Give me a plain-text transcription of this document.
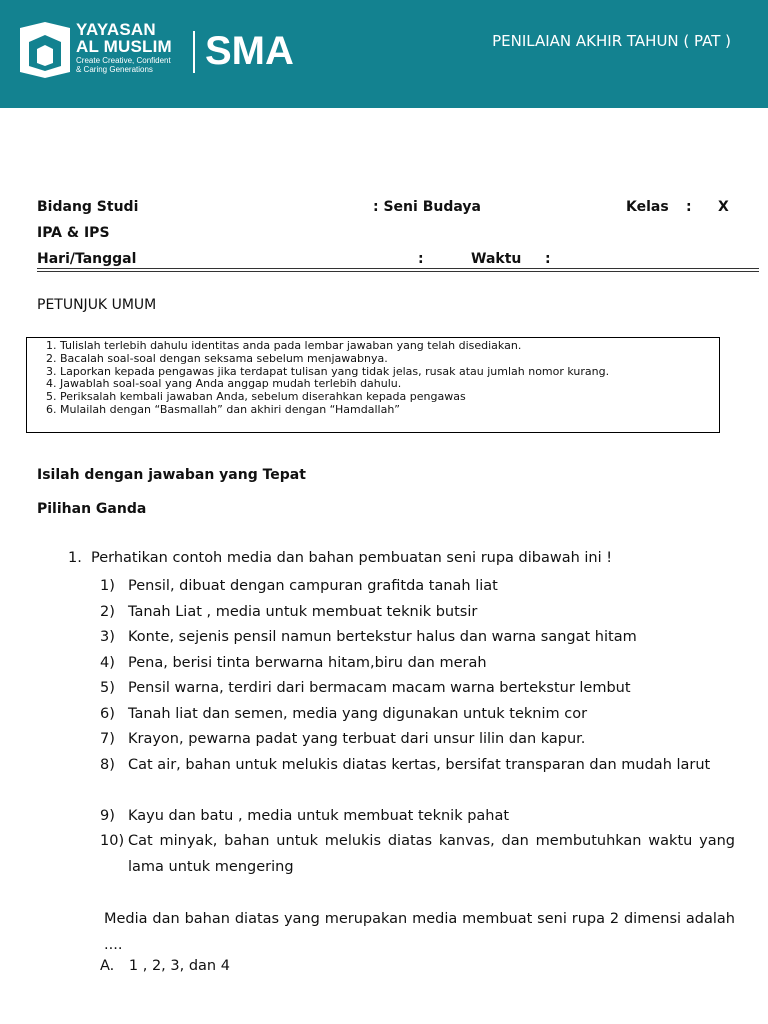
YAYASAN
AL MUSLIM
Create Creative, Confident
& Caring Generations	SMA	PENILAIAN AKHIR TAHUN ( PAT )
Bidang Studi	: Seni Budaya	Kelas : X
IPA & IPS
Hari/Tanggal	:	Waktu :
PETUNJUK UMUM
1. Tulislah terlebih dahulu identitas anda pada lembar jawaban yang telah disediakan.
2. Bacalah soal-soal dengan seksama sebelum menjawabnya.
3. Laporkan kepada pengawas jika terdapat tulisan yang tidak jelas, rusak atau jumlah nomor kurang.
4. Jawablah soal-soal yang Anda anggap mudah terlebih dahulu.
5. Periksalah kembali jawaban Anda, sebelum diserahkan kepada pengawas
6. Mulailah dengan “Basmallah” dan akhiri dengan “Hamdallah”
Isilah dengan jawaban yang Tepat
Pilihan Ganda
1. Perhatikan contoh media dan bahan pembuatan seni rupa dibawah ini !
1) Pensil, dibuat dengan campuran grafitda tanah liat
2) Tanah Liat , media untuk membuat teknik butsir
3) Konte, sejenis pensil namun bertekstur halus dan warna sangat hitam
4) Pena, berisi tinta berwarna hitam,biru dan merah
5) Pensil warna, terdiri dari bermacam macam warna bertekstur lembut
6) Tanah liat dan semen, media yang digunakan untuk teknim cor
7) Krayon, pewarna padat yang terbuat dari unsur lilin dan kapur.
8) Cat air, bahan untuk melukis diatas kertas, bersifat transparan dan mudah larut
9) Kayu dan batu , media untuk membuat teknik pahat
10) Cat minyak, bahan untuk melukis diatas kanvas, dan membutuhkan waktu yang lama untuk mengering
Media dan bahan diatas yang merupakan media membuat seni rupa 2 dimensi adalah ....
A. 1 , 2, 3, dan 4
